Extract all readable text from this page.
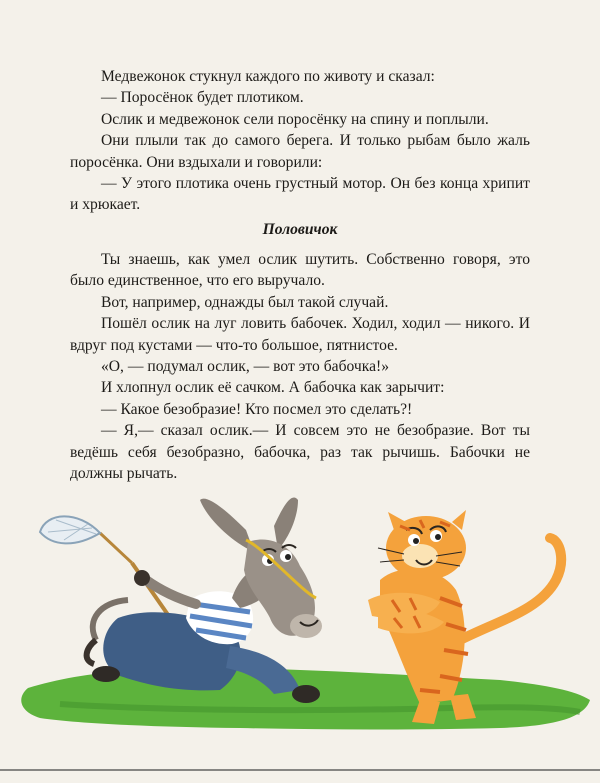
Медвежонок стукнул каждого по животу и сказал:

— Поросёнок будет плотиком.

Ослик и медвежонок сели поросёнку на спину и поплыли.

Они плыли так до самого берега. И только рыбам было жаль поросёнка. Они вздыхали и говорили:

— У этого плотика очень грустный мотор. Он без конца хрипит и хрюкает.

Половичок

Ты знаешь, как умел ослик шутить. Собственно говоря, это было единственное, что его выручало.

Вот, например, однажды был такой случай.

Пошёл ослик на луг ловить бабочек. Ходил, ходил — никого. И вдруг под кустами — что-то большое, пятнистое.

«О, — подумал ослик, — вот это бабочка!»

И хлопнул ослик её сачком. А бабочка как зарычит:

— Какое безобразие! Кто посмел это сделать?!

— Я,— сказал ослик.— И совсем это не безобразие. Вот ты ведёшь себя безобразно, бабочка, раз так рычишь. Бабочки не должны рычать.
